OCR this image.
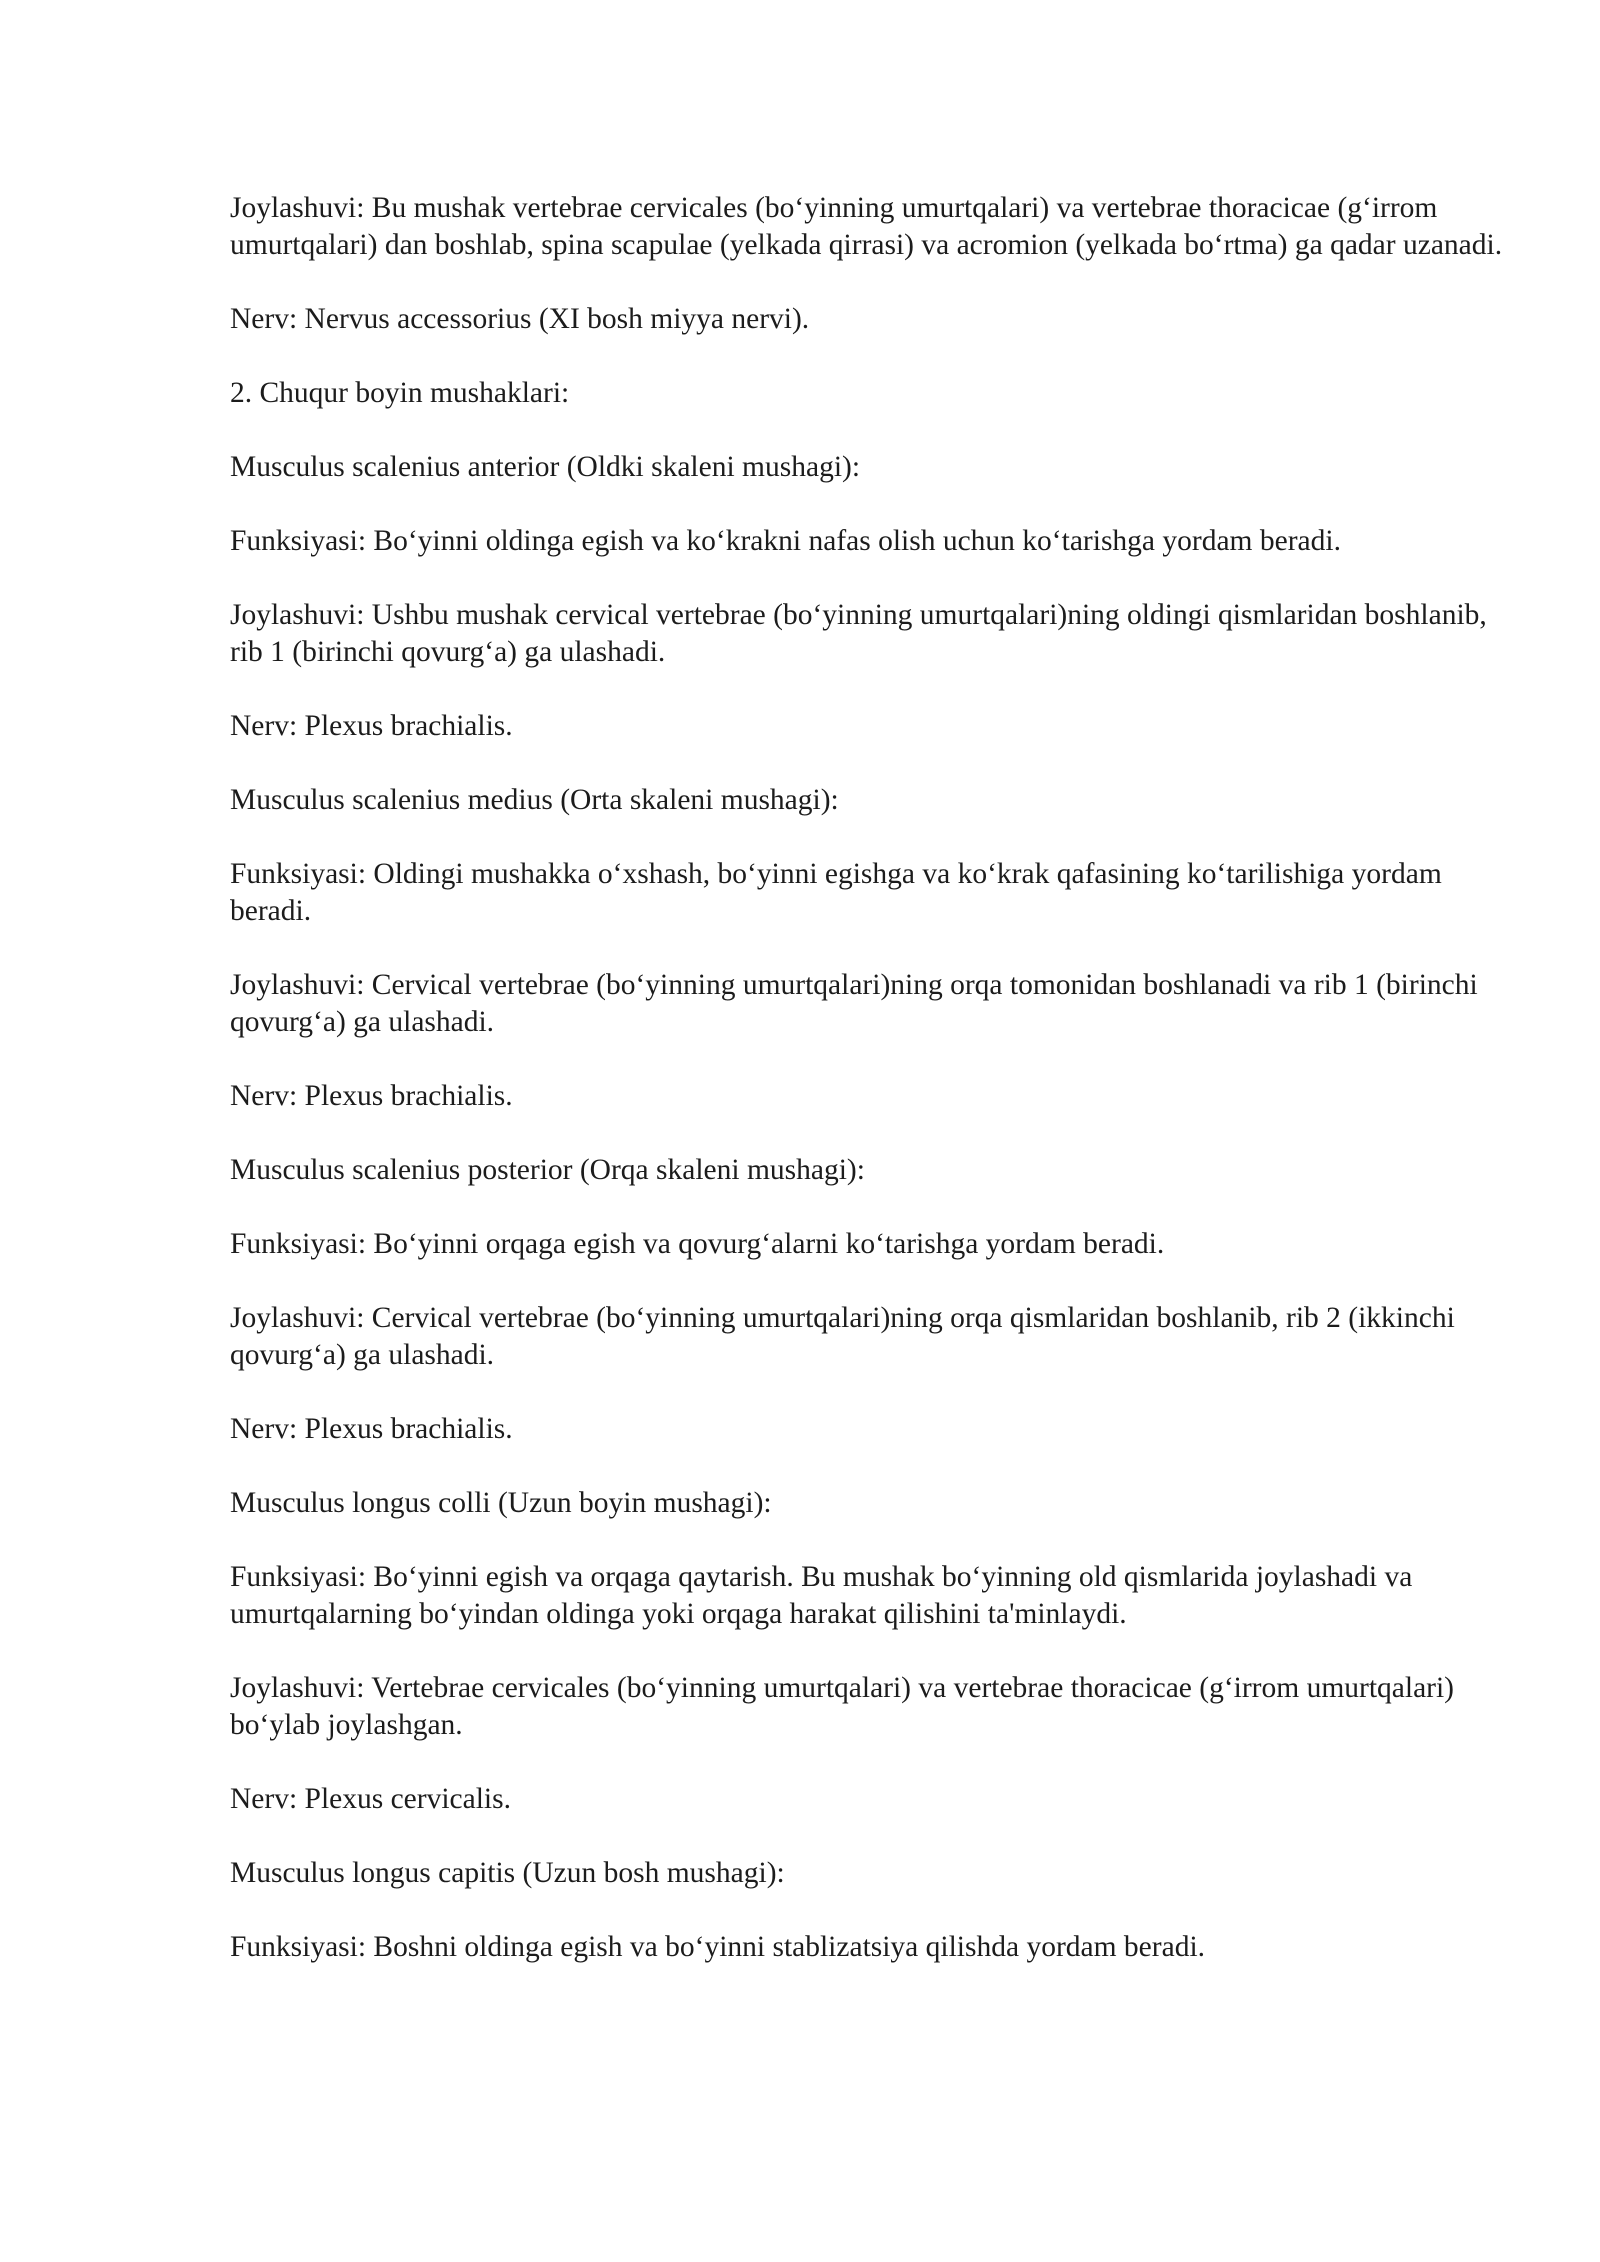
Joylashuvi: Bu mushak vertebrae cervicales (bo‘yinning umurtqalari) va vertebrae thoracicae (g‘irrom umurtqalari) dan boshlab, spina scapulae (yelkada qirrasi) va acromion (yelkada bo‘rtma) ga qadar uzanadi.

Nerv: Nervus accessorius (XI bosh miyya nervi).

2. Chuqur boyin mushaklari:

Musculus scalenius anterior (Oldki skaleni mushagi):

Funksiyasi: Bo‘yinni oldinga egish va ko‘krakni nafas olish uchun ko‘tarishga yordam beradi.

Joylashuvi: Ushbu mushak cervical vertebrae (bo‘yinning umurtqalari)ning oldingi qismlaridan boshlanib, rib 1 (birinchi qovurg‘a) ga ulashadi.

Nerv: Plexus brachialis.

Musculus scalenius medius (Orta skaleni mushagi):

Funksiyasi: Oldingi mushakka o‘xshash, bo‘yinni egishga va ko‘krak qafasining ko‘tarilishiga yordam beradi.

Joylashuvi: Cervical vertebrae (bo‘yinning umurtqalari)ning orqa tomonidan boshlanadi va rib 1 (birinchi qovurg‘a) ga ulashadi.

Nerv: Plexus brachialis.

Musculus scalenius posterior (Orqa skaleni mushagi):

Funksiyasi: Bo‘yinni orqaga egish va qovurg‘alarni ko‘tarishga yordam beradi.

Joylashuvi: Cervical vertebrae (bo‘yinning umurtqalari)ning orqa qismlaridan boshlanib, rib 2 (ikkinchi qovurg‘a) ga ulashadi.

Nerv: Plexus brachialis.

Musculus longus colli (Uzun boyin mushagi):

Funksiyasi: Bo‘yinni egish va orqaga qaytarish. Bu mushak bo‘yinning old qismlarida joylashadi va umurtqalarning bo‘yindan oldinga yoki orqaga harakat qilishini ta'minlaydi.

Joylashuvi: Vertebrae cervicales (bo‘yinning umurtqalari) va vertebrae thoracicae (g‘irrom umurtqalari) bo‘ylab joylashgan.

Nerv: Plexus cervicalis.

Musculus longus capitis (Uzun bosh mushagi):

Funksiyasi: Boshni oldinga egish va bo‘yinni stablizatsiya qilishda yordam beradi.
